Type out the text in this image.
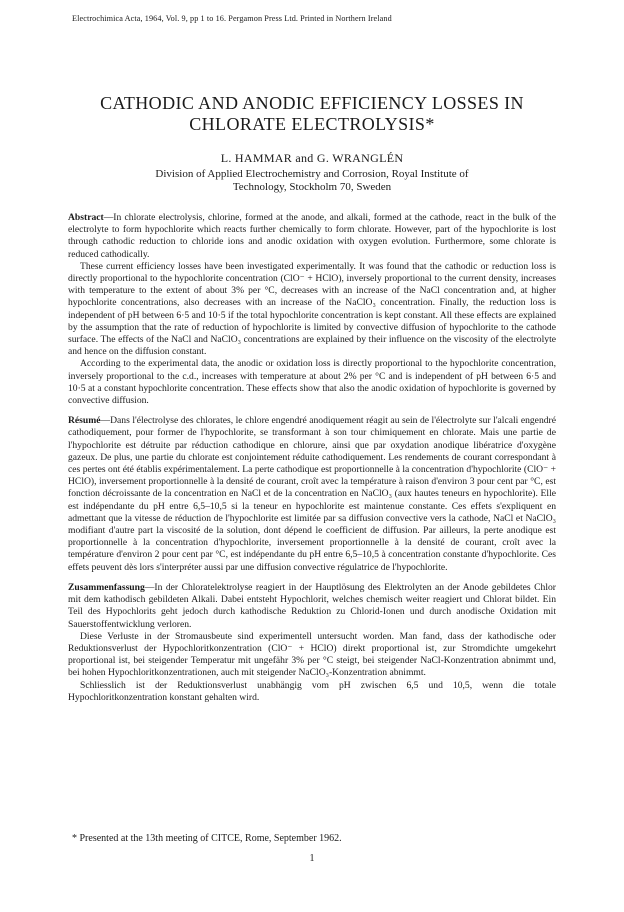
Electrochimica Acta, 1964, Vol. 9, pp 1 to 16. Pergamon Press Ltd. Printed in Northern Ireland
CATHODIC AND ANODIC EFFICIENCY LOSSES IN
CHLORATE ELECTROLYSIS*
L. HAMMAR and G. WRANGLÉN
Division of Applied Electrochemistry and Corrosion, Royal Institute of Technology, Stockholm 70, Sweden

Abstract—In chlorate electrolysis, chlorine, formed at the anode, and alkali, formed at the cathode, react in the bulk of the electrolyte to form hypochlorite which reacts further chemically to form chlorate. However, part of the hypochlorite is lost through cathodic reduction to chloride ions and anodic oxidation with oxygen evolution. Furthermore, some chlorate is reduced cathodically.

These current efficiency losses have been investigated experimentally. It was found that the cathodic or reduction loss is directly proportional to the hypochlorite concentration (ClO⁻ + HClO), inversely proportional to the current density, increases with temperature to the extent of about 3% per °C, decreases with an increase of the NaCl concentration and, at higher hypochlorite concentrations, also decreases with an increase of the NaClO₃ concentration. Finally, the reduction loss is independent of pH between 6·5 and 10·5 if the total hypochlorite concentration is kept constant. All these effects are explained by the assumption that the rate of reduction of hypochlorite is limited by convective diffusion of hypochlorite to the cathode surface. The effects of the NaCl and NaClO₃ concentrations are explained by their influence on the viscosity of the electrolyte and hence on the diffusion constant.

According to the experimental data, the anodic or oxidation loss is directly proportional to the hypochlorite concentration, inversely proportional to the c.d., increases with temperature at about 2% per °C and is independent of pH between 6·5 and 10·5 at a constant hypochlorite concentration. These effects show that also the anodic oxidation of hypochlorite is governed by convective diffusion.

Résumé—Dans l'électrolyse des chlorates, le chlore engendré anodiquement réagit au sein de l'électrolyte sur l'alcali engendré cathodiquement, pour former de l'hypochlorite, se transformant à son tour chimiquement en chlorate. Mais une partie de l'hypochlorite est détruite par réduction cathodique en chlorure, ainsi que par oxydation anodique libératrice d'oxygène gazeux. De plus, une partie du chlorate est conjointement réduite cathodiquement. Les rendements de courant correspondant à ces pertes ont été établis expérimentalement. La perte cathodique est proportionnelle à la concentration d'hypochlorite (ClO⁻ + HClO), inversement proportionnelle à la densité de courant, croît avec la température à raison d'environ 3 pour cent par °C, est fonction décroissante de la concentration en NaCl et de la concentration en NaClO₃ (aux hautes teneurs en hypochlorite). Elle est indépendante du pH entre 6,5–10,5 si la teneur en hypochlorite est maintenue constante. Ces effets s'expliquent en admettant que la vitesse de réduction de l'hypochlorite est limitée par sa diffusion convective vers la cathode, NaCl et NaClO₃ modifiant d'autre part la viscosité de la solution, dont dépend le coefficient de diffusion. Par ailleurs, la perte anodique est proportionnelle à la concentration d'hypochlorite, inversement proportionnelle à la densité de courant, croît avec la température d'environ 2 pour cent par °C, est indépendante du pH entre 6,5–10,5 à concentration constante d'hypochlorite. Ces effets peuvent dès lors s'interpréter aussi par une diffusion convective régulatrice de l'hypochlorite.

Zusammenfassung—In der Chloratelektrolyse reagiert in der Hauptlösung des Elektrolyten an der Anode gebildetes Chlor mit dem kathodisch gebildeten Alkali. Dabei entsteht Hypochlorit, welches chemisch weiter reagiert und Chlorat bildet. Ein Teil des Hypochlorits geht jedoch durch kathodische Reduktion zu Chlorid-Ionen und durch anodische Oxidation mit Sauerstoffentwicklung verloren.

Diese Verluste in der Stromausbeute sind experimentell untersucht worden. Man fand, dass der kathodische oder Reduktionsverlust der Hypochloritkonzentration (ClO⁻ + HClO) direkt proportional ist, zur Stromdichte umgekehrt proportional ist, bei steigender Temperatur mit ungefähr 3% per °C steigt, bei steigender NaCl-Konzentration abnimmt und, bei hohen Hypochloritkonzentrationen, auch mit steigender NaClO₃-Konzentration abnimmt.

Schliesslich ist der Reduktionsverlust unabhängig vom pH zwischen 6,5 und 10,5, wenn die totale Hypochloritkonzentration konstant gehalten wird.

* Presented at the 13th meeting of CITCE, Rome, September 1962.
1
